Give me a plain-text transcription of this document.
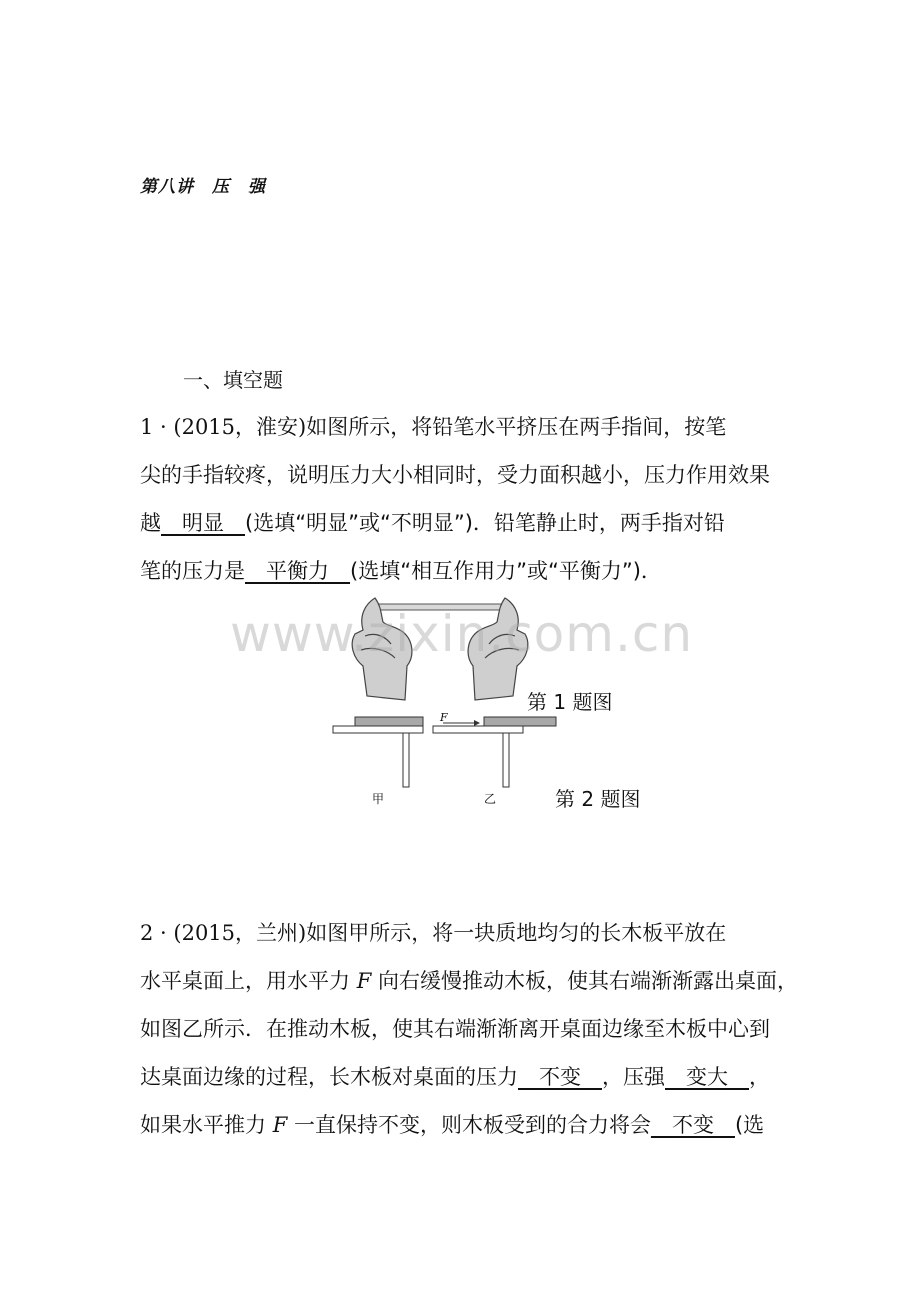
第八讲　压　强
一、填空题
1 · (2015，淮安)如图所示，将铅笔水平挤压在两手指间，按笔
尖的手指较疼，说明压力大小相同时，受力面积越小，压力作用效果
越__明显__(选填“明显”或“不明显”)．铅笔静止时，两手指对铅
笔的压力是__平衡力__(选填“相互作用力”或“平衡力”)．
www.zixin.com.cn
第 1 题图
F
甲	乙	第 2 题图
2 · (2015，兰州)如图甲所示，将一块质地均匀的长木板平放在
水平桌面上，用水平力 F 向右缓慢推动木板，使其右端渐渐露出桌面，
如图乙所示．在推动木板，使其右端渐渐离开桌面边缘至木板中心到
达桌面边缘的过程，长木板对桌面的压力__不变__，压强__变大__，
如果水平推力 F 一直保持不变，则木板受到的合力将会__不变__(选
